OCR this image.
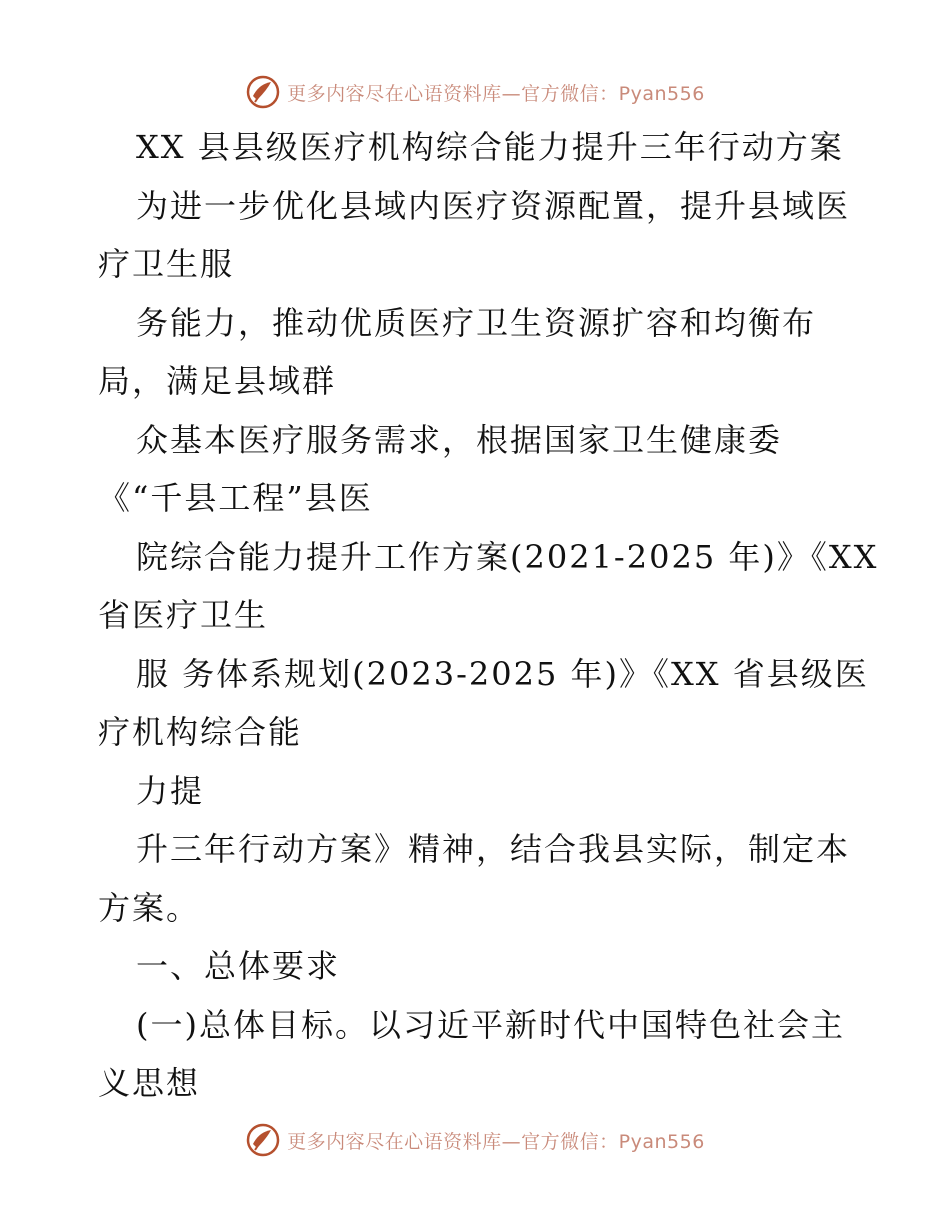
更多内容尽在心语资料库—官方微信：Pyan556
XX 县县级医疗机构综合能力提升三年行动方案
为进一步优化县域内医疗资源配置，提升县域医
疗卫生服
务能力，推动优质医疗卫生资源扩容和均衡布
局，满足县域群
众基本医疗服务需求，根据国家卫生健康委
《“千县工程”县医
院综合能力提升工作方案(2021-2025 年)》《XX
省医疗卫生
服 务体系规划(2023-2025 年)》《XX 省县级医
疗机构综合能
力提
升三年行动方案》精神，结合我县实际，制定本
方案。
一、总体要求
(一)总体目标。以习近平新时代中国特色社会主
义思想
更多内容尽在心语资料库—官方微信：Pyan556
